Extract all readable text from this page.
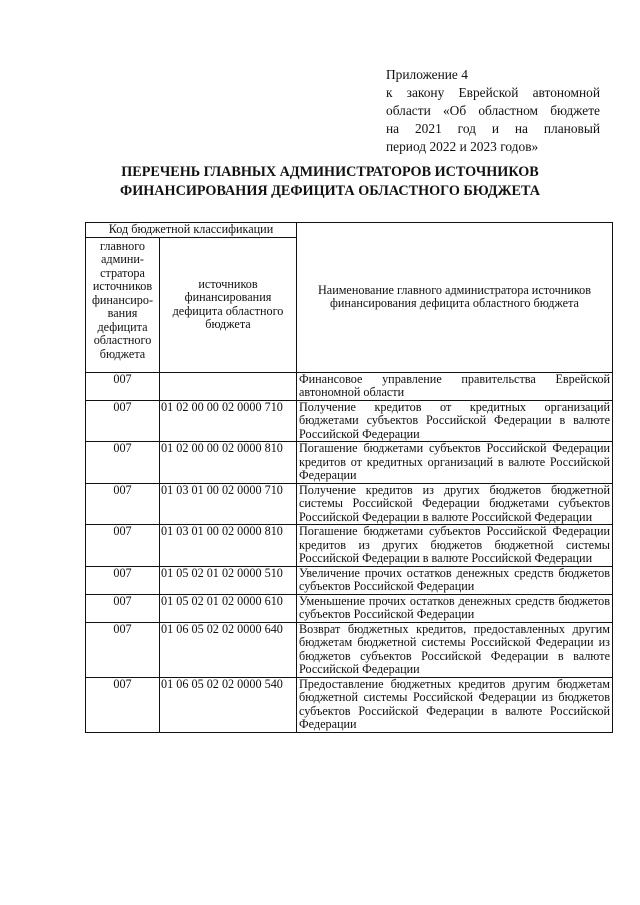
Приложение 4
к закону Еврейской автономной
области «Об областном бюджете
на 2021 год и на плановый
период 2022 и 2023 годов»
ПЕРЕЧЕНЬ ГЛАВНЫХ АДМИНИСТРАТОРОВ ИСТОЧНИКОВ
ФИНАНСИРОВАНИЯ ДЕФИЦИТА ОБЛАСТНОГО БЮДЖЕТА
Код бюджетной классификации		Наименование главного администратора источников финансирования дефицита областного бюджета
главного админи-стратора источников финансиро-вания дефицита областного бюджета	источников финансирования дефицита областного бюджета	
007		Финансовое управление правительства Еврейской автономной области
007	01 02 00 00 02 0000 710	Получение кредитов от кредитных организаций бюджетами субъектов Российской Федерации в валюте Российской Федерации
007	01 02 00 00 02 0000 810	Погашение бюджетами субъектов Российской Федерации кредитов от кредитных организаций в валюте Российской Федерации
007	01 03 01 00 02 0000 710	Получение кредитов из других бюджетов бюджетной системы Российской Федерации бюджетами субъектов Российской Федерации в валюте Российской Федерации
007	01 03 01 00 02 0000 810	Погашение бюджетами субъектов Российской Федерации кредитов из других бюджетов бюджетной системы Российской Федерации в валюте Российской Федерации
007	01 05 02 01 02 0000 510	Увеличение прочих остатков денежных средств бюджетов субъектов Российской Федерации
007	01 05 02 01 02 0000 610	Уменьшение прочих остатков денежных средств бюджетов субъектов Российской Федерации
007	01 06 05 02 02 0000 640	Возврат бюджетных кредитов, предоставленных другим бюджетам бюджетной системы Российской Федерации из бюджетов субъектов Российской Федерации в валюте Российской Федерации
007	01 06 05 02 02 0000 540	Предоставление бюджетных кредитов другим бюджетам бюджетной системы Российской Федерации из бюджетов субъектов Российской Федерации в валюте Российской Федерации
